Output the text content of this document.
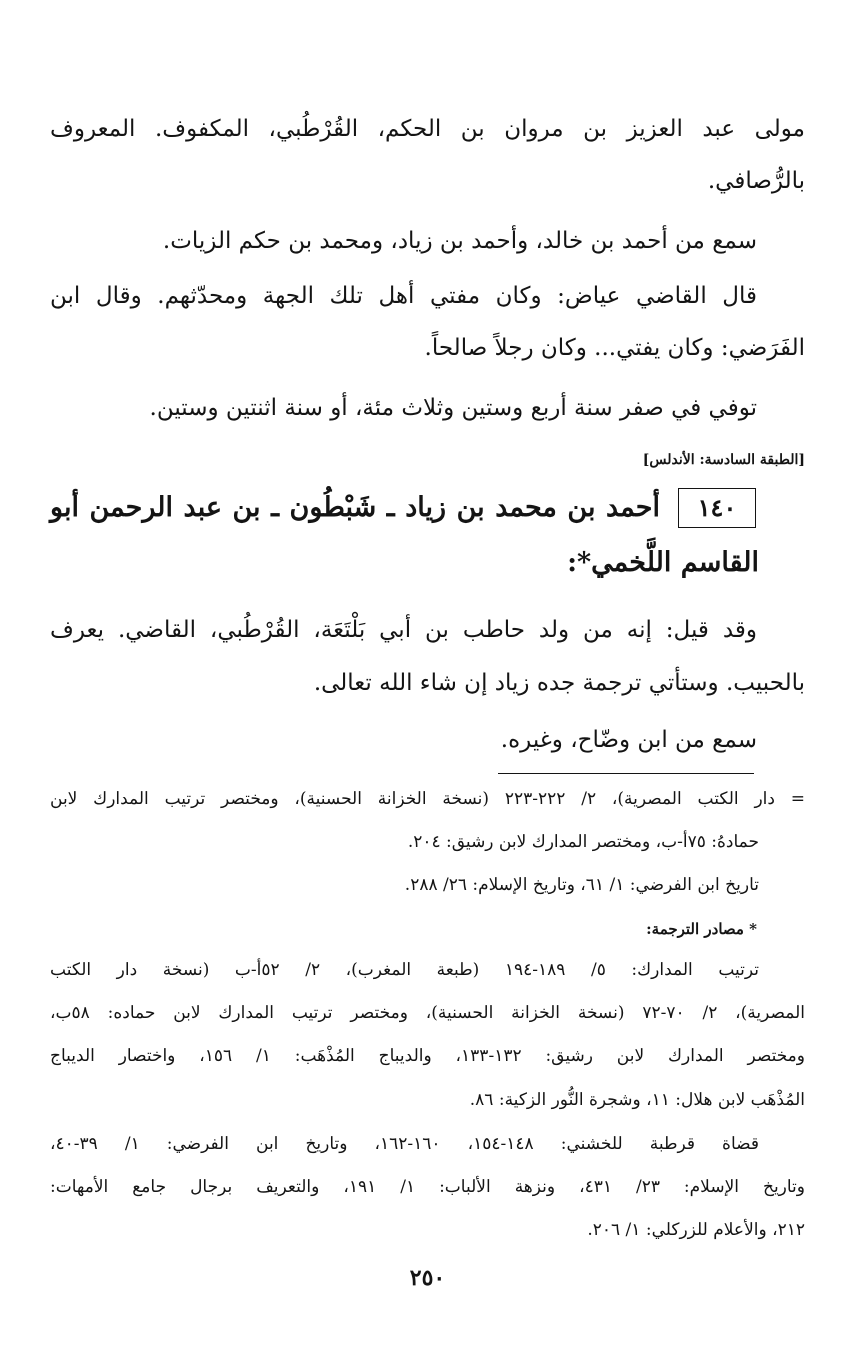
مولى عبد العزيز بن مروان بن الحكم، القُرْطُبي، المكفوف. المعروف
بالرُّصافي.
سمع من أحمد بن خالد، وأحمد بن زياد، ومحمد بن حكم الزيات.
قال القاضي عياض: وكان مفتي أهل تلك الجهة ومحدّثهم. وقال ابن
الفَرَضي: وكان يفتي... وكان رجلاً صالحاً.
توفي في صفر سنة أربع وستين وثلاث مئة، أو سنة اثنتين وستين.
[الطبقة السادسة: الأندلس]
١٤٠
أحمد بن محمد بن زياد ـ شَبْطُون ـ بن عبد الرحمن أبو
القاسم اللَّخمي*:
وقد قيل: إنه من ولد حاطب بن أبي بَلْتَعَة، القُرْطُبي، القاضي. يعرف
بالحبيب. وستأتي ترجمة جده زياد إن شاء الله تعالى.
سمع من ابن وضّاح، وغيره.
= دار الكتب المصرية)، ٢/ ٢٢٢-٢٢٣ (نسخة الخزانة الحسنية)، ومختصر ترتيب المدارك لابن
حمادهُ: ٧٥أ-ب، ومختصر المدارك لابن رشيق: ٢٠٤.
تاريخ ابن الفرضي: ١/ ٦١، وتاريخ الإسلام: ٢٦/ ٢٨٨.
* مصادر الترجمة:
ترتيب المدارك: ٥/ ١٨٩-١٩٤ (طبعة المغرب)، ٢/ ٥٢أ-ب (نسخة دار الكتب
المصرية)، ٢/ ٧٠-٧٢ (نسخة الخزانة الحسنية)، ومختصر ترتيب المدارك لابن حماده: ٥٨ب،
ومختصر المدارك لابن رشيق: ١٣٢-١٣٣، والديباج المُذْهَب: ١/ ١٥٦، واختصار الديباج
المُذْهَب لابن هلال: ١١، وشجرة النُّور الزكية: ٨٦.
قضاة قرطبة للخشني: ١٤٨-١٥٤، ١٦٠-١٦٢، وتاريخ ابن الفرضي: ١/ ٣٩-٤٠،
وتاريخ الإسلام: ٢٣/ ٤٣١، ونزهة الألباب: ١/ ١٩١، والتعريف برجال جامع الأمهات:
٢١٢، والأعلام للزركلي: ١/ ٢٠٦.
٢٥٠
